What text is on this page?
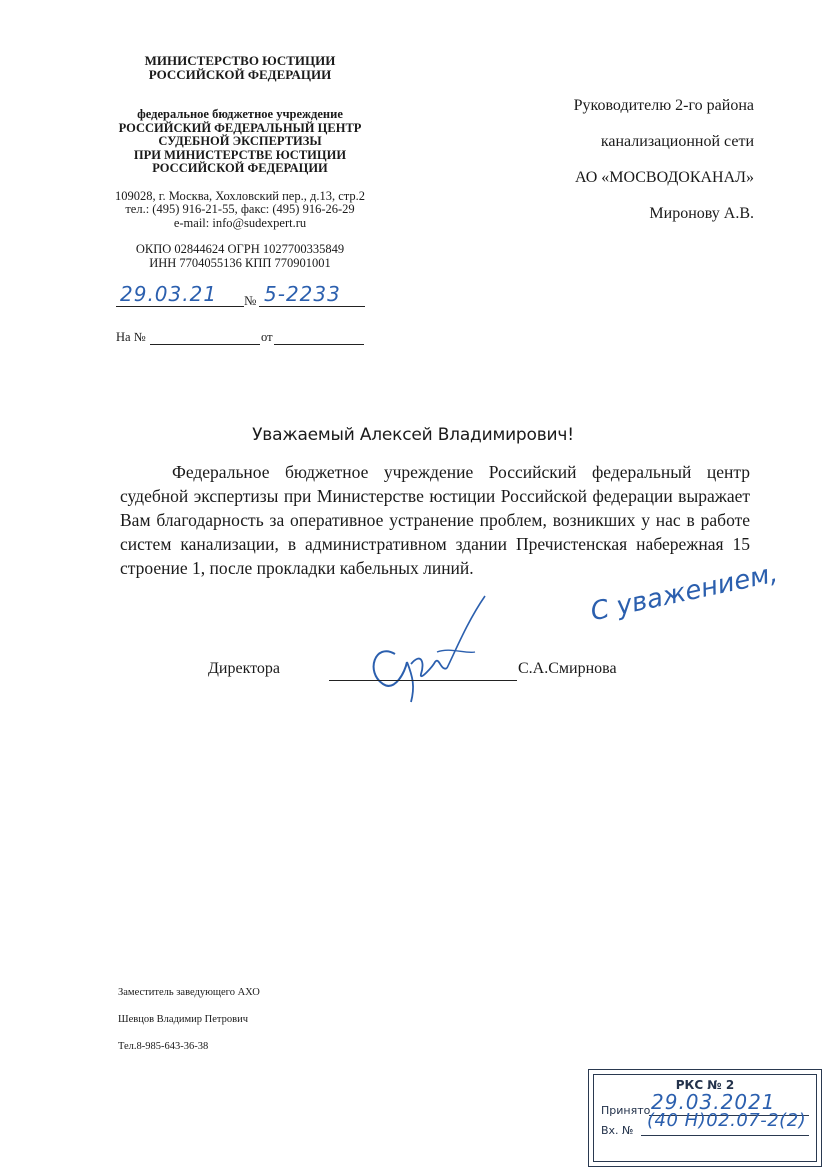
МИНИСТЕРСТВО ЮСТИЦИИ
РОССИЙСКОЙ ФЕДЕРАЦИИ
федеральное бюджетное учреждение
РОССИЙСКИЙ ФЕДЕРАЛЬНЫЙ ЦЕНТР
СУДЕБНОЙ ЭКСПЕРТИЗЫ
ПРИ МИНИСТЕРСТВЕ ЮСТИЦИИ
РОССИЙСКОЙ ФЕДЕРАЦИИ
109028, г. Москва, Хохловский пер., д.13, стр.2
тел.: (495) 916-21-55, факс: (495) 916-26-29
e-mail: info@sudexpert.ru
ОКПО 02844624 ОГРН 1027700335849
ИНН 7704055136 КПП 770901001
29.03.21 № 5-2233
На №	от
Руководителю 2-го района
канализационной сети
АО «МОСВОДОКАНАЛ»
Миронову А.В.
Уважаемый Алексей Владимирович!

Федеральное бюджетное учреждение Российский федеральный центр судебной экспертизы при Министерстве юстиции Российской федерации выражает Вам благодарность за оперативное устранение проблем, возникших у нас в работе систем канализации, в административном здании Пречистенская набережная 15 строение 1, после прокладки кабельных линий.	С уважением,
Директора	С.А.Смирнова
Заместитель заведующего АХО
Шевцов Владимир Петрович
Тел.8-985-643-36-38
РКС № 2
Принято 29.03.2021
Вх. № (40 Н)02.07-2(2)
